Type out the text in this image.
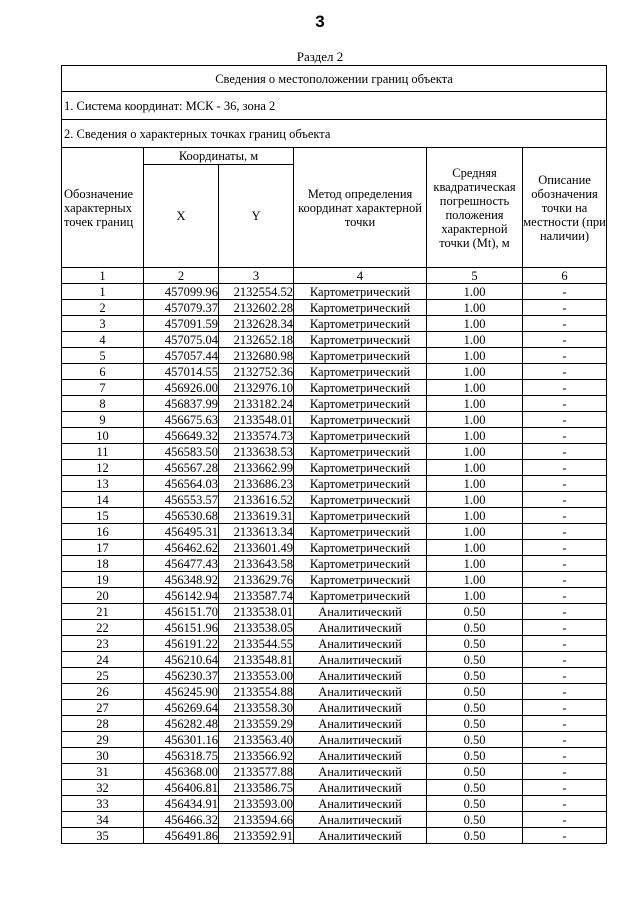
3
Раздел 2
Сведения о местоположении границ объекта					
1. Система координат: МСК - 36, зона 2					
2. Сведения о характерных точках границ объекта					
Обозначение характерных точек границ	Координаты, м		Метод определения координат характерной точки	Средняя квадратическая погрешность положения характерной точки (Mt), м	Описание обозначения точки на местности (при наличии)
	X	Y			
1	2	3	4	5	6
1	457099.96	2132554.52	Картометрический	1.00	-
2	457079.37	2132602.28	Картометрический	1.00	-
3	457091.59	2132628.34	Картометрический	1.00	-
4	457075.04	2132652.18	Картометрический	1.00	-
5	457057.44	2132680.98	Картометрический	1.00	-
6	457014.55	2132752.36	Картометрический	1.00	-
7	456926.00	2132976.10	Картометрический	1.00	-
8	456837.99	2133182.24	Картометрический	1.00	-
9	456675.63	2133548.01	Картометрический	1.00	-
10	456649.32	2133574.73	Картометрический	1.00	-
11	456583.50	2133638.53	Картометрический	1.00	-
12	456567.28	2133662.99	Картометрический	1.00	-
13	456564.03	2133686.23	Картометрический	1.00	-
14	456553.57	2133616.52	Картометрический	1.00	-
15	456530.68	2133619.31	Картометрический	1.00	-
16	456495.31	2133613.34	Картометрический	1.00	-
17	456462.62	2133601.49	Картометрический	1.00	-
18	456477.43	2133643.58	Картометрический	1.00	-
19	456348.92	2133629.76	Картометрический	1.00	-
20	456142.94	2133587.74	Картометрический	1.00	-
21	456151.70	2133538.01	Аналитический	0.50	-
22	456151.96	2133538.05	Аналитический	0.50	-
23	456191.22	2133544.55	Аналитический	0.50	-
24	456210.64	2133548.81	Аналитический	0.50	-
25	456230.37	2133553.00	Аналитический	0.50	-
26	456245.90	2133554.88	Аналитический	0.50	-
27	456269.64	2133558.30	Аналитический	0.50	-
28	456282.48	2133559.29	Аналитический	0.50	-
29	456301.16	2133563.40	Аналитический	0.50	-
30	456318.75	2133566.92	Аналитический	0.50	-
31	456368.00	2133577.88	Аналитический	0.50	-
32	456406.81	2133586.75	Аналитический	0.50	-
33	456434.91	2133593.00	Аналитический	0.50	-
34	456466.32	2133594.66	Аналитический	0.50	-
35	456491.86	2133592.91	Аналитический	0.50	-
